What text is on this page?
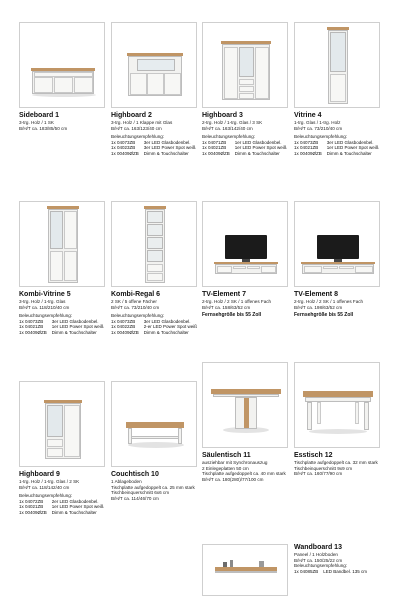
Sideboard 1
3-trg. Holz / 1 SK
B/H/T ca. 183/85/50 cm
Highboard 2
3-trg. Holz / 1 Klappe mit Glas
B/H/T ca. 163/123/40 cm
Beleuchtungsempfehlung:
1x 04073ZB	3er LED Glasbodenbel.
1x 04023ZB	3er LED Power Spot weiß
1x 00409ØZB	Dimm & Touchschalter
Highboard 3
2-trg. Holz / 1-trg. Glas / 3 SK
B/H/T ca. 163/142/40 cm
Beleuchtungsempfehlung:
1x 04071ZB	1er LED Glasbodenbel.
1x 04021ZB	1er LED Power Spot weiß
1x 00409ØZB	Dimm & Touchschalter
Vitrine 4
1-trg. Glas / 1-trg. Holz
B/H/T ca. 73/210/40 cm
Beleuchtungsempfehlung:
1x 04073ZB	3er LED Glasbodenbel.
1x 04021ZB	1er LED Power Spot weiß
1x 00409ØZB	Dimm & Touchschalter
Kombi-Vitrine 5
3-trg. Holz / 1-trg. Glas
B/H/T ca. 118/210/40 cm
Beleuchtungsempfehlung:
1x 04073ZB	3er LED Glasbodenbel.
1x 04021ZB	1er LED Power Spot weiß
1x 00409ØZB	Dimm & Touchschalter
Kombi-Regal 6
2 SK / 5 offene Fächer
B/H/T ca. 73/210/40 cm
Beleuchtungsempfehlung:
1x 04073ZB	3er LED Glasbodenbel.
1x 04022ZB	2-er LED Power Spot weiß
1x 00409ØZB	Dimm & Touchschalter
TV-Element 7
2-trg. Holz / 2 SK / 1 offenes Fach
B/H/T ca. 158/63/52 cm
Fernsehgröße bis 55 Zoll
TV-Element 8
2-trg. Holz / 2 SK / 1 offenes Fach
B/H/T ca. 198/63/52 cm
Fernsehgröße bis 55 Zoll
Highboard 9
1-trg. Holz / 1-trg. Glas / 2 SK
B/H/T ca. 118/142/40 cm
Beleuchtungsempfehlung:
1x 04072ZB	2er LED Glasbodenbel.
1x 04021ZB	1er LED Power Spot weiß
1x 00409ØZB	Dimm & Touchschalter
Couchtisch 10
1 Ablageboden
Tischplatte aufgedoppelt ca. 25 mm stark
Tischbeinquerschnitt 6x6 cm
B/H/T ca. 114/46/70 cm
Säulentisch 11
ausziehbar mit Synchronauszug
2 Einlegeplatten 50 cm
Tischplatte aufgedoppelt ca. 40 mm stark
B/H/T ca. 180(280)/77/100 cm
Esstisch 12
Tischplatte aufgedoppelt ca. 32 mm stark
Tischbeinquerschnitt 9x9 cm
B/H/T ca. 160/77/90 cm
Wandboard 13
Paneel / 1 Holzboden
B/H/T ca. 150/25/22 cm
Beleuchtungsempfehlung:
1x 04085ZB	LED Bandbel. 135 cm
